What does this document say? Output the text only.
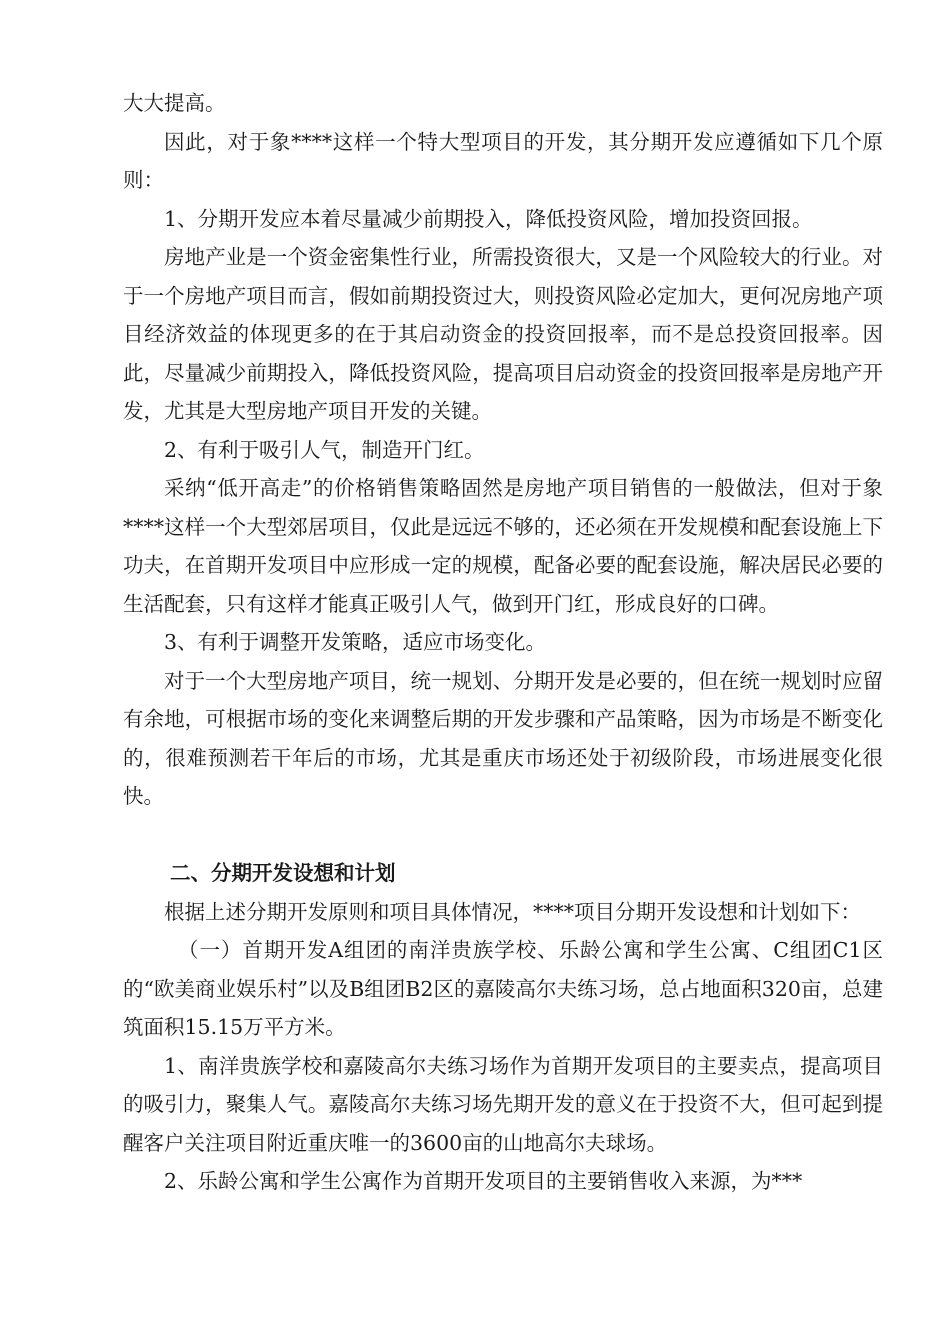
大大提高。

因此，对于象****这样一个特大型项目的开发，其分期开发应遵循如下几个原则：

1、分期开发应本着尽量减少前期投入，降低投资风险，增加投资回报。

房地产业是一个资金密集性行业，所需投资很大，又是一个风险较大的行业。对于一个房地产项目而言，假如前期投资过大，则投资风险必定加大，更何况房地产项目经济效益的体现更多的在于其启动资金的投资回报率，而不是总投资回报率。因此，尽量减少前期投入，降低投资风险，提高项目启动资金的投资回报率是房地产开发，尤其是大型房地产项目开发的关键。

2、有利于吸引人气，制造开门红。

采纳“低开高走”的价格销售策略固然是房地产项目销售的一般做法，但对于象****这样一个大型郊居项目，仅此是远远不够的，还必须在开发规模和配套设施上下功夫，在首期开发项目中应形成一定的规模，配备必要的配套设施，解决居民必要的生活配套，只有这样才能真正吸引人气，做到开门红，形成良好的口碑。

3、有利于调整开发策略，适应市场变化。

对于一个大型房地产项目，统一规划、分期开发是必要的，但在统一规划时应留有余地，可根据市场的变化来调整后期的开发步骤和产品策略，因为市场是不断变化的，很难预测若干年后的市场，尤其是重庆市场还处于初级阶段，市场进展变化很快。

二、分期开发设想和计划

根据上述分期开发原则和项目具体情况，****项目分期开发设想和计划如下：

（一）首期开发A组团的南洋贵族学校、乐龄公寓和学生公寓、C组团C1区的“欧美商业娱乐村”以及B组团B2区的嘉陵高尔夫练习场，总占地面积320亩，总建筑面积15.15万平方米。

1、南洋贵族学校和嘉陵高尔夫练习场作为首期开发项目的主要卖点，提高项目的吸引力，聚集人气。嘉陵高尔夫练习场先期开发的意义在于投资不大，但可起到提醒客户关注项目附近重庆唯一的3600亩的山地高尔夫球场。

2、乐龄公寓和学生公寓作为首期开发项目的主要销售收入来源，为***
